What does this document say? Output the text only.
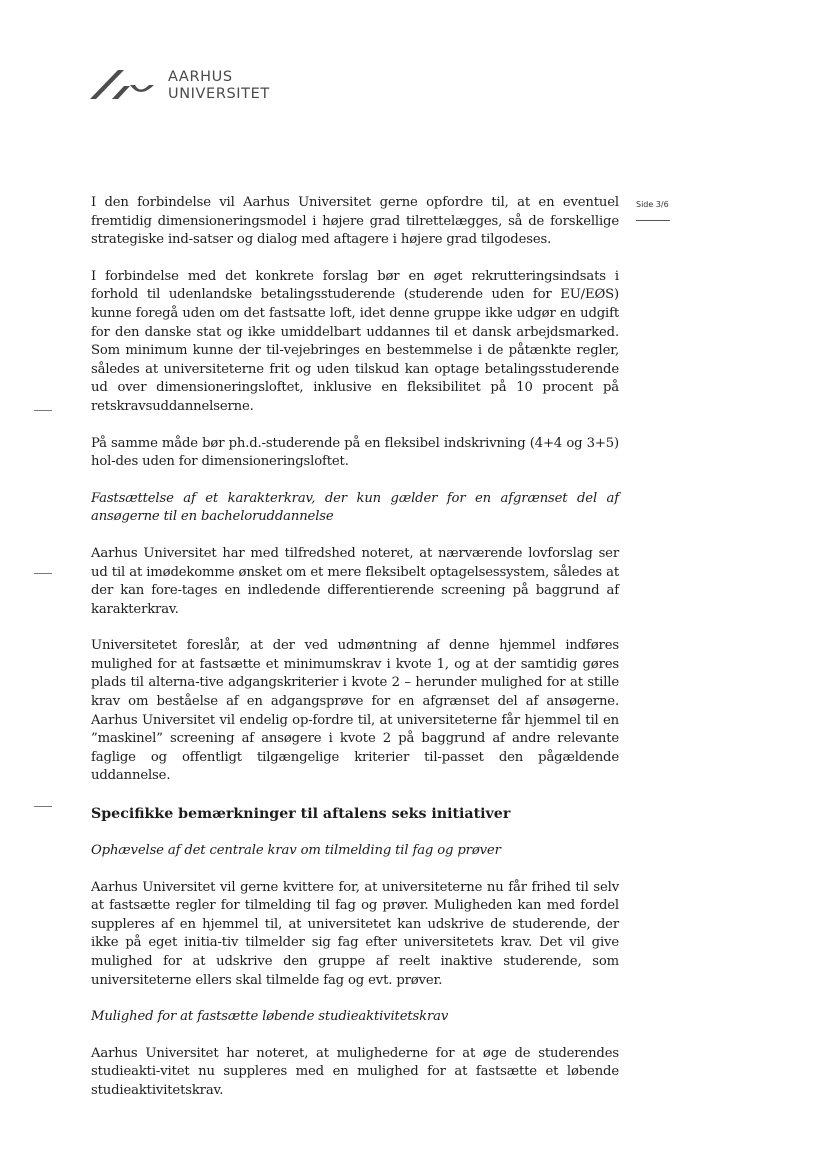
AARHUS
UNIVERSITET
Side 3/6

I den forbindelse vil Aarhus Universitet gerne opfordre til, at en eventuel fremtidig dimensioneringsmodel i højere grad tilrettelægges, så de forskellige strategiske ind-satser og dialog med aftagere i højere grad tilgodeses.

I forbindelse med det konkrete forslag bør en øget rekrutteringsindsats i forhold til udenlandske betalingsstuderende (studerende uden for EU/EØS) kunne foregå uden om det fastsatte loft, idet denne gruppe ikke udgør en udgift for den danske stat og ikke umiddelbart uddannes til et dansk arbejdsmarked. Som minimum kunne der til-vejebringes en bestemmelse i de påtænkte regler, således at universiteterne frit og uden tilskud kan optage betalingsstuderende ud over dimensioneringsloftet, inklusive en fleksibilitet på 10 procent på retskravsuddannelserne.

På samme måde bør ph.d.-studerende på en fleksibel indskrivning (4+4 og 3+5) hol-des uden for dimensioneringsloftet.

Fastsættelse af et karakterkrav, der kun gælder for en afgrænset del af ansøgerne til en bacheloruddannelse

Aarhus Universitet har med tilfredshed noteret, at nærværende lovforslag ser ud til at imødekomme ønsket om et mere fleksibelt optagelsessystem, således at der kan fore-tages en indledende differentierende screening på baggrund af karakterkrav.

Universitetet foreslår, at der ved udmøntning af denne hjemmel indføres mulighed for at fastsætte et minimumskrav i kvote 1, og at der samtidig gøres plads til alterna-tive adgangskriterier i kvote 2 – herunder mulighed for at stille krav om beståelse af en adgangsprøve for en afgrænset del af ansøgerne. Aarhus Universitet vil endelig op-fordre til, at universiteterne får hjemmel til en ”maskinel” screening af ansøgere i kvote 2 på baggrund af andre relevante faglige og offentligt tilgængelige kriterier til-passet den pågældende uddannelse.

Specifikke bemærkninger til aftalens seks initiativer

Ophævelse af det centrale krav om tilmelding til fag og prøver

Aarhus Universitet vil gerne kvittere for, at universiteterne nu får frihed til selv at fastsætte regler for tilmelding til fag og prøver. Muligheden kan med fordel suppleres af en hjemmel til, at universitetet kan udskrive de studerende, der ikke på eget initia-tiv tilmelder sig fag efter universitetets krav. Det vil give mulighed for at udskrive den gruppe af reelt inaktive studerende, som universiteterne ellers skal tilmelde fag og evt. prøver.

Mulighed for at fastsætte løbende studieaktivitetskrav

Aarhus Universitet har noteret, at mulighederne for at øge de studerendes studieakti-vitet nu suppleres med en mulighed for at fastsætte et løbende studieaktivitetskrav.
